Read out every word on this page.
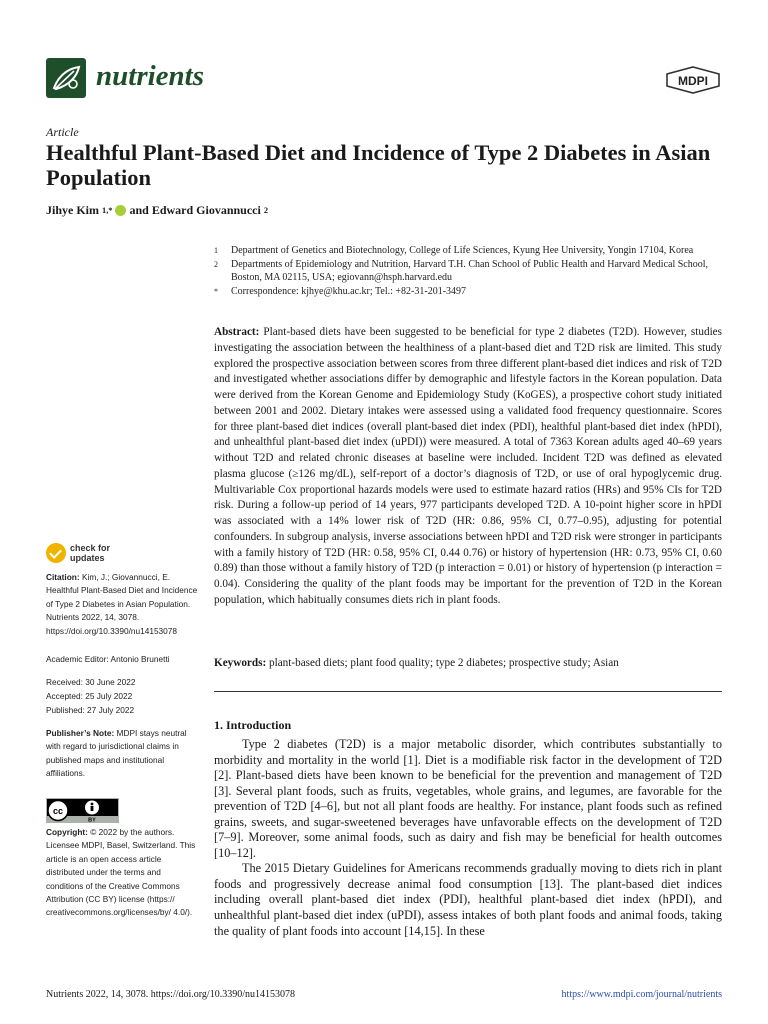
nutrients	MDPI
Article
Healthful Plant-Based Diet and Incidence of Type 2 Diabetes in Asian Population
Jihye Kim 1,* and Edward Giovannucci 2
1	Department of Genetics and Biotechnology, College of Life Sciences, Kyung Hee University, Yongin 17104, Korea
2	Departments of Epidemiology and Nutrition, Harvard T.H. Chan School of Public Health and Harvard Medical School, Boston, MA 02115, USA; egiovann@hsph.harvard.edu
*	Correspondence: kjhye@khu.ac.kr; Tel.: +82-31-201-3497
Abstract: Plant-based diets have been suggested to be beneficial for type 2 diabetes (T2D). However, studies investigating the association between the healthiness of a plant-based diet and T2D risk are limited. This study explored the prospective association between scores from three different plant-based diet indices and risk of T2D and investigated whether associations differ by demographic and lifestyle factors in the Korean population. Data were derived from the Korean Genome and Epidemiology Study (KoGES), a prospective cohort study initiated between 2001 and 2002. Dietary intakes were assessed using a validated food frequency questionnaire. Scores for three plant-based diet indices (overall plant-based diet index (PDI), healthful plant-based diet index (hPDI), and unhealthful plant-based diet index (uPDI)) were measured. A total of 7363 Korean adults aged 40–69 years without T2D and related chronic diseases at baseline were included. Incident T2D was defined as elevated plasma glucose (≥126 mg/dL), self-report of a doctor’s diagnosis of T2D, or use of oral hypoglycemic drug. Multivariable Cox proportional hazards models were used to estimate hazard ratios (HRs) and 95% CIs for T2D risk. During a follow-up period of 14 years, 977 participants developed T2D. A 10-point higher score in hPDI was associated with a 14% lower risk of T2D (HR: 0.86, 95% CI, 0.77–0.95), adjusting for potential confounders. In subgroup analysis, inverse associations between hPDI and T2D risk were stronger in participants with a family history of T2D (HR: 0.58, 95% CI, 0.44 0.76) or history of hypertension (HR: 0.73, 95% CI, 0.60 0.89) than those without a family history of T2D (p interaction = 0.01) or history of hypertension (p interaction = 0.04). Considering the quality of the plant foods may be important for the prevention of T2D in the Korean population, which habitually consumes diets rich in plant foods.
Keywords: plant-based diets; plant food quality; type 2 diabetes; prospective study; Asian
1. Introduction

Type 2 diabetes (T2D) is a major metabolic disorder, which contributes substantially to morbidity and mortality in the world [1]. Diet is a modifiable risk factor in the development of T2D [2]. Plant-based diets have been known to be beneficial for the prevention and management of T2D [3]. Several plant foods, such as fruits, vegetables, whole grains, and legumes, are favorable for the prevention of T2D [4–6], but not all plant foods are healthy. For instance, plant foods such as refined grains, sweets, and sugar-sweetened beverages have unfavorable effects on the development of T2D [7–9]. Moreover, some animal foods, such as dairy and fish may be beneficial for health outcomes [10–12].

The 2015 Dietary Guidelines for Americans recommends gradually moving to diets rich in plant foods and progressively decrease animal food consumption [13]. The plant-based diet indices including overall plant-based diet index (PDI), healthful plant-based diet index (hPDI), and unhealthful plant-based diet index (uPDI), assess intakes of both plant foods and animal foods, taking the quality of plant foods into account [14,15]. In these

check for
updates
Citation: Kim, J.; Giovannucci, E. Healthful Plant-Based Diet and Incidence of Type 2 Diabetes in Asian Population. Nutrients 2022, 14, 3078. https://doi.org/10.3390/nu14153078
Academic Editor: Antonio Brunetti
Received: 30 June 2022
Accepted: 25 July 2022
Published: 27 July 2022
Publisher’s Note: MDPI stays neutral with regard to jurisdictional claims in published maps and institutional affiliations.
cc
BY
Copyright: © 2022 by the authors. Licensee MDPI, Basel, Switzerland. This article is an open access article distributed under the terms and conditions of the Creative Commons Attribution (CC BY) license (https:// creativecommons.org/licenses/by/ 4.0/).
Nutrients 2022, 14, 3078. https://doi.org/10.3390/nu14153078	https://www.mdpi.com/journal/nutrients
